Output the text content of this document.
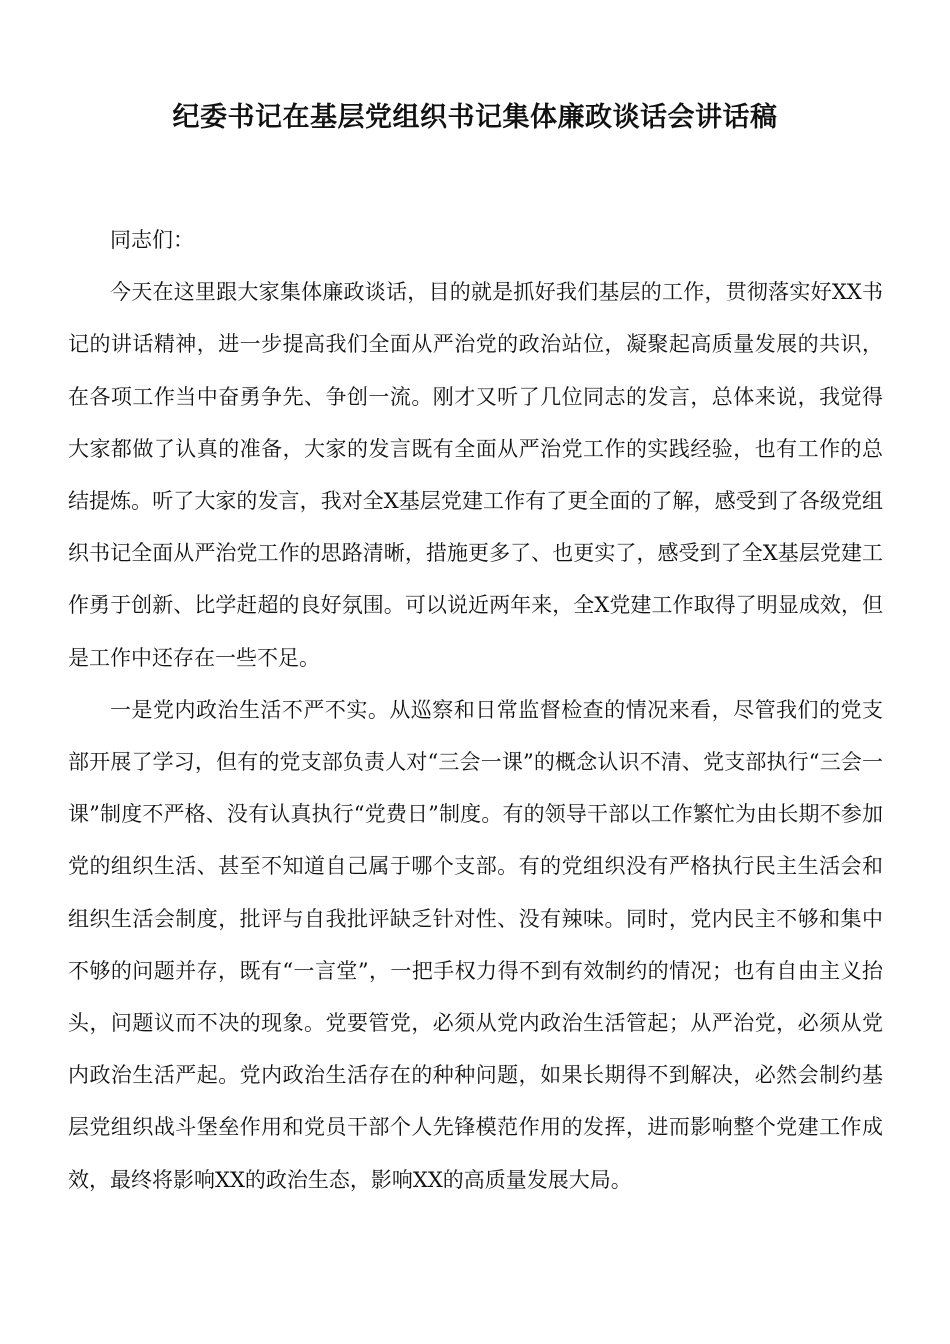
纪委书记在基层党组织书记集体廉政谈话会讲话稿

同志们：

今天在这里跟大家集体廉政谈话，目的就是抓好我们基层的工作，贯彻落实好XX书记的讲话精神，进一步提高我们全面从严治党的政治站位，凝聚起高质量发展的共识，在各项工作当中奋勇争先、争创一流。刚才又听了几位同志的发言，总体来说，我觉得大家都做了认真的准备，大家的发言既有全面从严治党工作的实践经验，也有工作的总结提炼。听了大家的发言，我对全X基层党建工作有了更全面的了解，感受到了各级党组织书记全面从严治党工作的思路清晰，措施更多了、也更实了，感受到了全X基层党建工作勇于创新、比学赶超的良好氛围。可以说近两年来，全X党建工作取得了明显成效，但是工作中还存在一些不足。

一是党内政治生活不严不实。从巡察和日常监督检查的情况来看，尽管我们的党支部开展了学习，但有的党支部负责人对“三会一课”的概念认识不清、党支部执行“三会一课”制度不严格、没有认真执行“党费日”制度。有的领导干部以工作繁忙为由长期不参加党的组织生活、甚至不知道自己属于哪个支部。有的党组织没有严格执行民主生活会和组织生活会制度，批评与自我批评缺乏针对性、没有辣味。同时，党内民主不够和集中不够的问题并存，既有“一言堂”，一把手权力得不到有效制约的情况；也有自由主义抬头，问题议而不决的现象。党要管党，必须从党内政治生活管起；从严治党，必须从党内政治生活严起。党内政治生活存在的种种问题，如果长期得不到解决，必然会制约基层党组织战斗堡垒作用和党员干部个人先锋模范作用的发挥，进而影响整个党建工作成效，最终将影响XX的政治生态，影响XX的高质量发展大局。
